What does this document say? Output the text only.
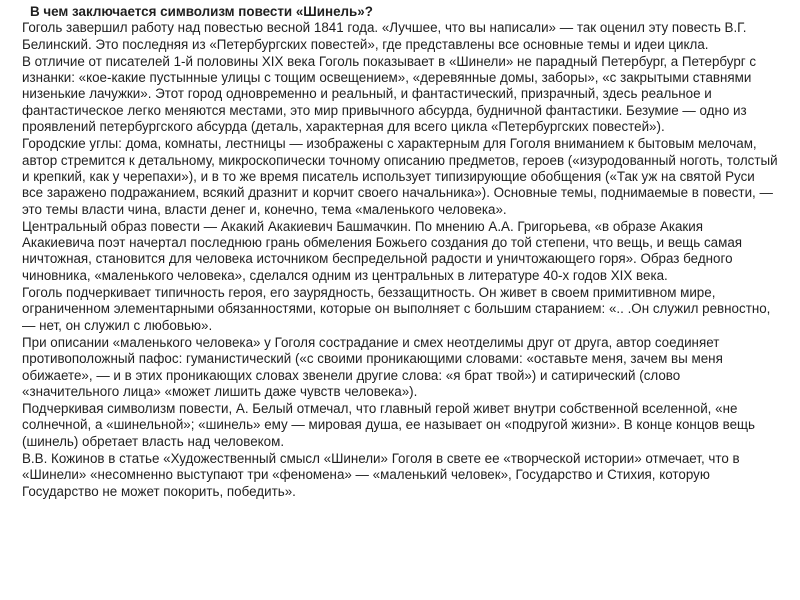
В чем заключается символизм повести «Шинель»?

Гоголь завершил работу над повестью весной 1841 года. «Лучшее, что вы написали» — так оценил эту повесть В.Г. Белинский. Это последняя из «Петербургских повестей», где представлены все основные темы и идеи цикла.

В отличие от писателей 1-й половины XIX века Гоголь показывает в «Шинели» не парадный Петербург, а Петербург с изнанки: «кое-какие пустынные улицы с тощим освещением», «деревянные домы, заборы», «с закрытыми ставнями низенькие лачужки». Этот город одновременно и реальный, и фантастический, призрачный, здесь реальное и фантастическое легко меняются местами, это мир привычного абсурда, будничной фантастики. Безумие — одно из проявлений петербургского абсурда (деталь, характерная для всего цикла «Петербургских повестей»).

Городские углы: дома, комнаты, лестницы — изображены с характерным для Гоголя вниманием к бытовым мелочам, автор стремится к детальному, микроскопически точному описанию предметов, героев («изуродованный ноготь, толстый и крепкий, как у черепахи»), и в то же время писатель использует типизирующие обобщения («Так уж на святой Руси все заражено подражанием, всякий дразнит и корчит своего начальника»). Основные темы, поднимаемые в повести, — это темы власти чина, власти денег и, конечно, тема «маленького человека».

Центральный образ повести — Акакий Акакиевич Башмачкин. По мнению А.А. Григорьева, «в образе Акакия Акакиевича поэт начертал последнюю грань обмеления Божьего создания до той степени, что вещь, и вещь самая ничтожная, становится для человека источником беспредельной радости и уничтожающего горя». Образ бедного чиновника, «маленького человека», сделался одним из центральных в литературе 40-х годов XIX века.

Гоголь подчеркивает типичность героя, его заурядность, беззащитность. Он живет в своем примитивном мире, ограниченном элементарными обязанностями, которые он выполняет с большим старанием: «.. .Он служил ревностно, — нет, он служил с любовью».

При описании «маленького человека» у Гоголя сострадание и смех неотделимы друг от друга, автор соединяет противоположный пафос: гуманистический («с своими проникающими словами: «оставьте меня, зачем вы меня обижаете», — и в этих проникающих словах звенели другие слова: «я брат твой») и сатирический (слово «значительного лица» «может лишить даже чувств человека»).

Подчеркивая символизм повести, А. Белый отмечал, что главный герой живет внутри собственной вселенной, «не солнечной, а «шинельной»; «шинель» ему — мировая душа, ее называет он «подругой жизни». В конце концов вещь (шинель) обретает власть над человеком.

В.В. Кожинов в статье «Художественный смысл «Шинели» Гоголя в свете ее «творческой истории» отмечает, что в «Шинели» «несомненно выступают три «феномена» — «маленький человек», Государство и Стихия, которую Государство не может покорить, победить».
